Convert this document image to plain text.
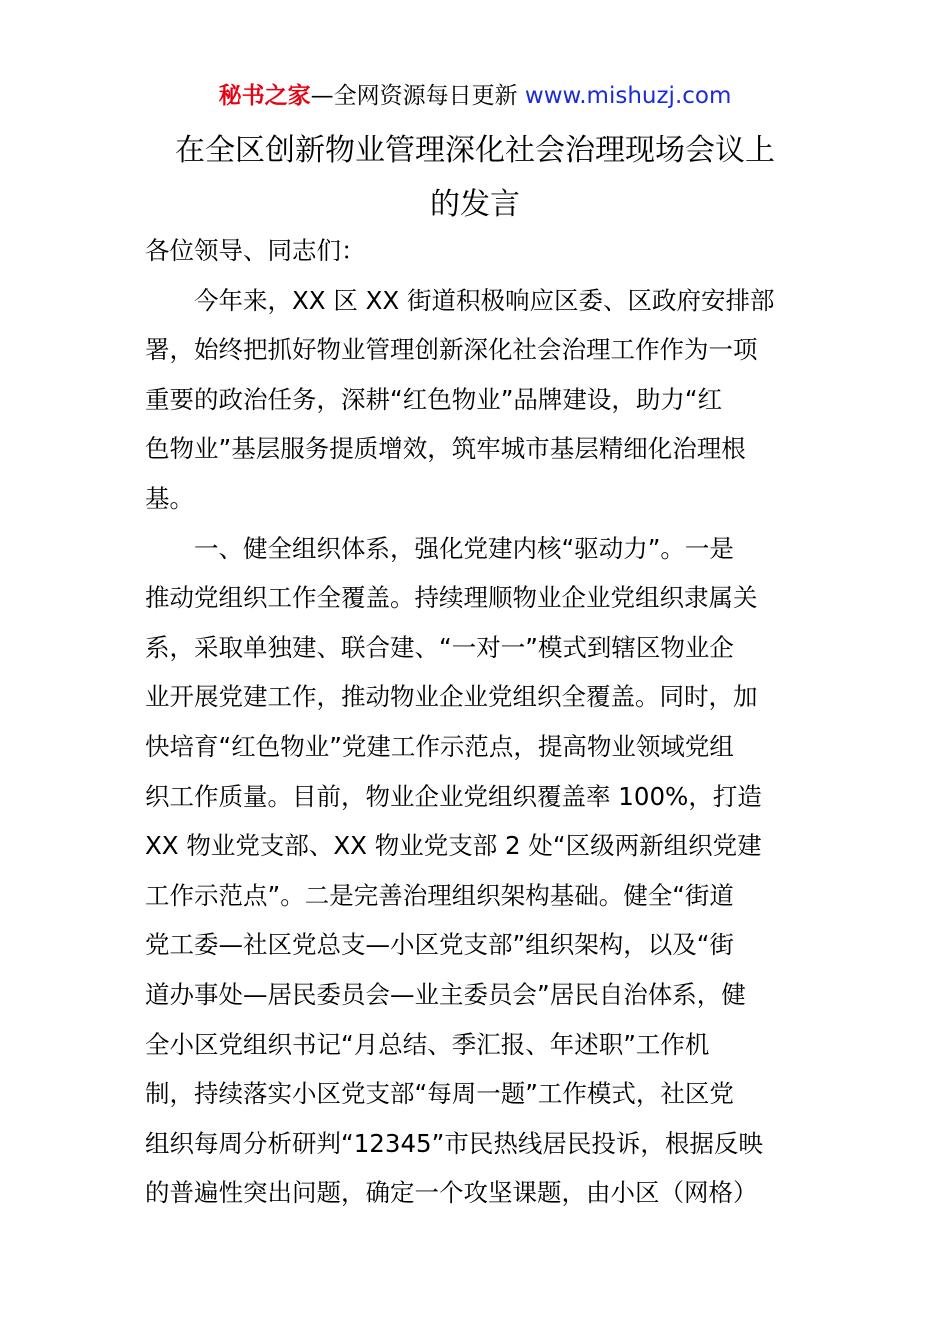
秘书之家—全网资源每日更新 www.mishuzj.com
在全区创新物业管理深化社会治理现场会议上
的发言
各位领导、同志们：
　　今年来，XX 区 XX 街道积极响应区委、区政府安排部
署，始终把抓好物业管理创新深化社会治理工作作为一项
重要的政治任务，深耕“红色物业”品牌建设，助力“红
色物业”基层服务提质增效，筑牢城市基层精细化治理根
基。
　　一、健全组织体系，强化党建内核“驱动力”。一是
推动党组织工作全覆盖。持续理顺物业企业党组织隶属关
系，采取单独建、联合建、“一对一”模式到辖区物业企
业开展党建工作，推动物业企业党组织全覆盖。同时，加
快培育“红色物业”党建工作示范点，提高物业领域党组
织工作质量。目前，物业企业党组织覆盖率 100%，打造
XX 物业党支部、XX 物业党支部 2 处“区级两新组织党建
工作示范点”。二是完善治理组织架构基础。健全“街道
党工委—社区党总支—小区党支部”组织架构，以及“街
道办事处—居民委员会—业主委员会”居民自治体系，健
全小区党组织书记“月总结、季汇报、年述职”工作机
制，持续落实小区党支部“每周一题”工作模式，社区党
组织每周分析研判“12345”市民热线居民投诉，根据反映
的普遍性突出问题，确定一个攻坚课题，由小区（网格）
